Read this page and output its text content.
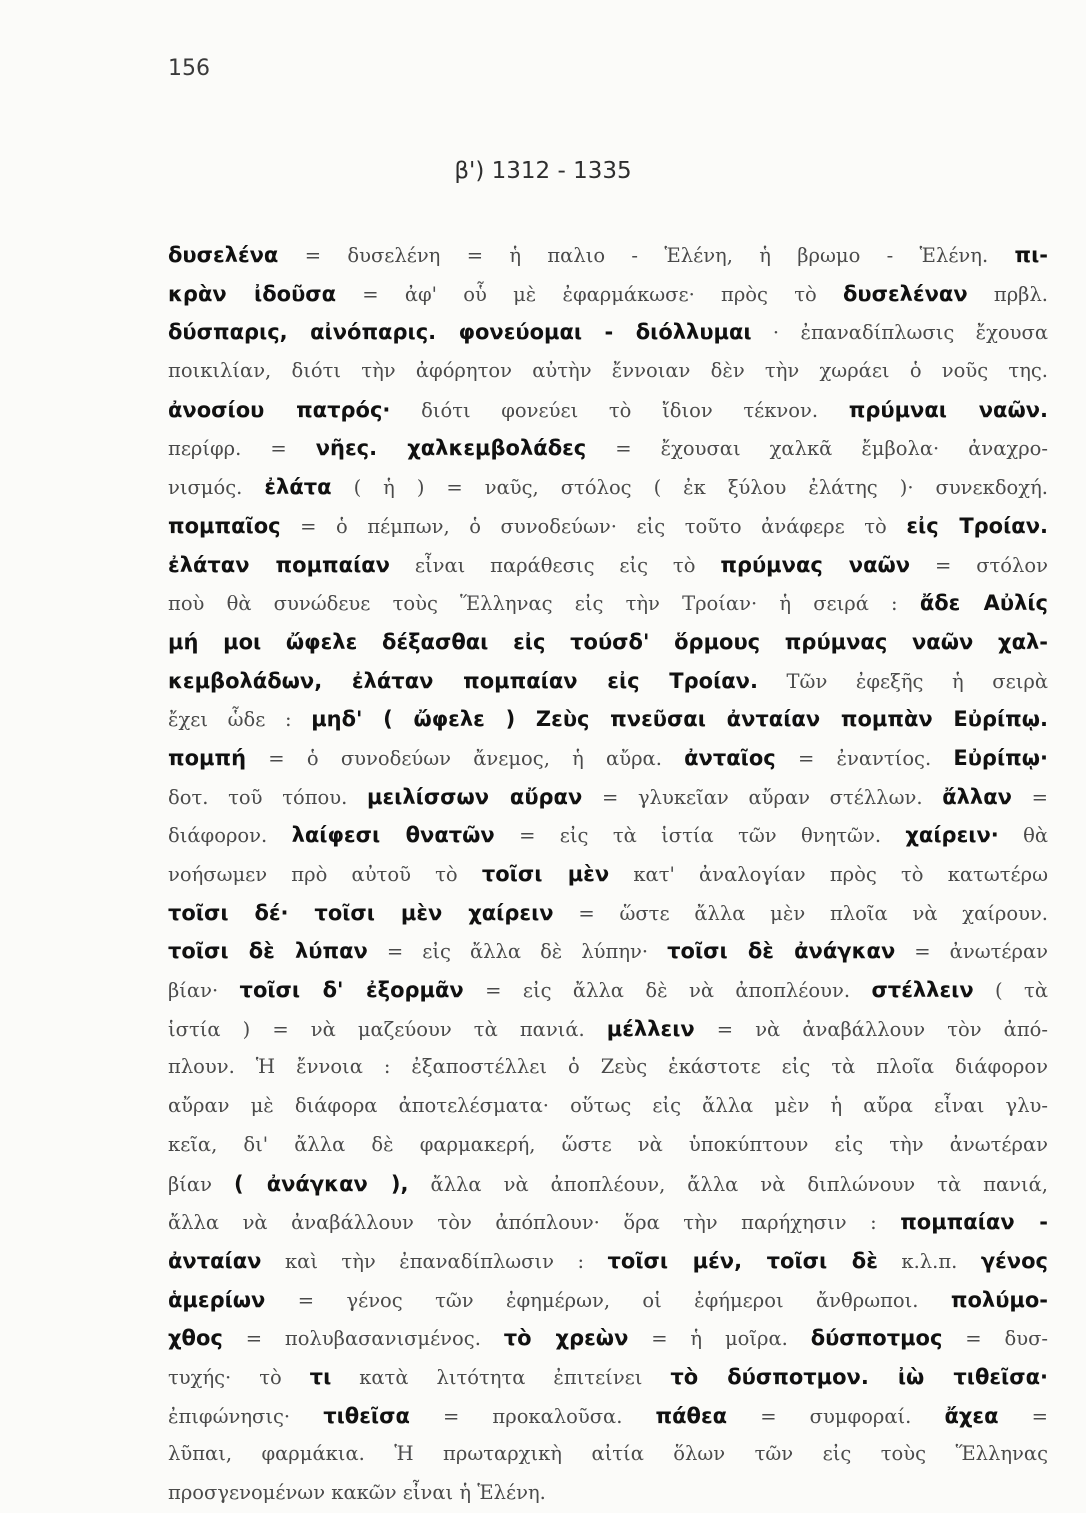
156
β') 1312 - 1335
δυσελένα = δυσελένη = ἡ παλιο - Ἑλένη, ἡ βρωμο - Ἑλένη. πι-
κρὰν ἰδοῦσα = ἀφ' οὗ μὲ ἐφαρμάκωσε· πρὸς τὸ δυσελέναν πρβλ.
δύσπαρις, αἰνόπαρις. φονεύομαι - διόλλυμαι · ἐπαναδίπλωσις ἔχουσα
ποικιλίαν, διότι τὴν ἀφόρητον αὐτὴν ἔννοιαν δὲν τὴν χωράει ὁ νοῦς της.
ἀνοσίου πατρός· διότι φονεύει τὸ ἴδιον τέκνον. πρύμναι ναῶν.
περίφρ. = νῆες. χαλκεμβολάδες = ἔχουσαι χαλκᾶ ἔμβολα· ἀναχρο-
νισμός. ἐλάτα ( ἡ ) = ναῦς, στόλος ( ἐκ ξύλου ἐλάτης )· συνεκδοχή.
πομπαῖος = ὁ πέμπων, ὁ συνοδεύων· εἰς τοῦτο ἀνάφερε τὸ εἰς Τροίαν.
ἐλάταν πομπαίαν εἶναι παράθεσις εἰς τὸ πρύμνας ναῶν = στόλον
ποὺ θὰ συνώδευε τοὺς Ἕλληνας εἰς τὴν Τροίαν· ἡ σειρά : ἄδε Αὐλίς
μή μοι ὤφελε δέξασθαι εἰς τούσδ' ὅρμους πρύμνας ναῶν χαλ-
κεμβολάδων, ἐλάταν πομπαίαν εἰς Τροίαν. Τῶν ἐφεξῆς ἡ σειρὰ
ἔχει ὧδε : μηδ' ( ὤφελε ) Ζεὺς πνεῦσαι ἀνταίαν πομπὰν Εὐρίπῳ.
πομπή = ὁ συνοδεύων ἄνεμος, ἡ αὔρα. ἀνταῖος = ἐναντίος. Εὐρίπῳ·
δοτ. τοῦ τόπου. μειλίσσων αὔραν = γλυκεῖαν αὔραν στέλλων. ἄλλαν =
διάφορον. λαίφεσι θνατῶν = εἰς τὰ ἱστία τῶν θνητῶν. χαίρειν· θὰ
νοήσωμεν πρὸ αὐτοῦ τὸ τοῖσι μὲν κατ' ἀναλογίαν πρὸς τὸ κατωτέρω
τοῖσι δέ· τοῖσι μὲν χαίρειν = ὥστε ἄλλα μὲν πλοῖα νὰ χαίρουν.
τοῖσι δὲ λύπαν = εἰς ἄλλα δὲ λύπην· τοῖσι δὲ ἀνάγκαν = ἀνωτέραν
βίαν· τοῖσι δ' ἐξορμᾶν = εἰς ἄλλα δὲ νὰ ἀποπλέουν. στέλλειν ( τὰ
ἱστία ) = νὰ μαζεύουν τὰ πανιά. μέλλειν = νὰ ἀναβάλλουν τὸν ἀπό-
πλουν. Ἡ ἔννοια : ἐξαποστέλλει ὁ Ζεὺς ἑκάστοτε εἰς τὰ πλοῖα διάφορον
αὔραν μὲ διάφορα ἀποτελέσματα· οὕτως εἰς ἄλλα μὲν ἡ αὔρα εἶναι γλυ-
κεῖα, δι' ἄλλα δὲ φαρμακερή, ὥστε νὰ ὑποκύπτουν εἰς τὴν ἀνωτέραν
βίαν ( ἀνάγκαν ), ἄλλα νὰ ἀποπλέουν, ἄλλα νὰ διπλώνουν τὰ πανιά,
ἄλλα νὰ ἀναβάλλουν τὸν ἀπόπλουν· ὅρα τὴν παρήχησιν : πομπαίαν -
ἀνταίαν καὶ τὴν ἐπαναδίπλωσιν : τοῖσι μέν, τοῖσι δὲ κ.λ.π. γένος
ἁμερίων = γένος τῶν ἐφημέρων, οἱ ἐφήμεροι ἄνθρωποι. πολύμο-
χθος = πολυβασανισμένος. τὸ χρεὼν = ἡ μοῖρα. δύσποτμος = δυσ-
τυχής· τὸ τι κατὰ λιτότητα ἐπιτείνει τὸ δύσποτμον. ἰὼ τιθεῖσα·
ἐπιφώνησις· τιθεῖσα = προκαλοῦσα. πάθεα = συμφοραί. ἄχεα =
λῦπαι, φαρμάκια. Ἡ πρωταρχικὴ αἰτία ὅλων τῶν εἰς τοὺς Ἕλληνας
προσγενομένων κακῶν εἶναι ἡ Ἑλένη.
